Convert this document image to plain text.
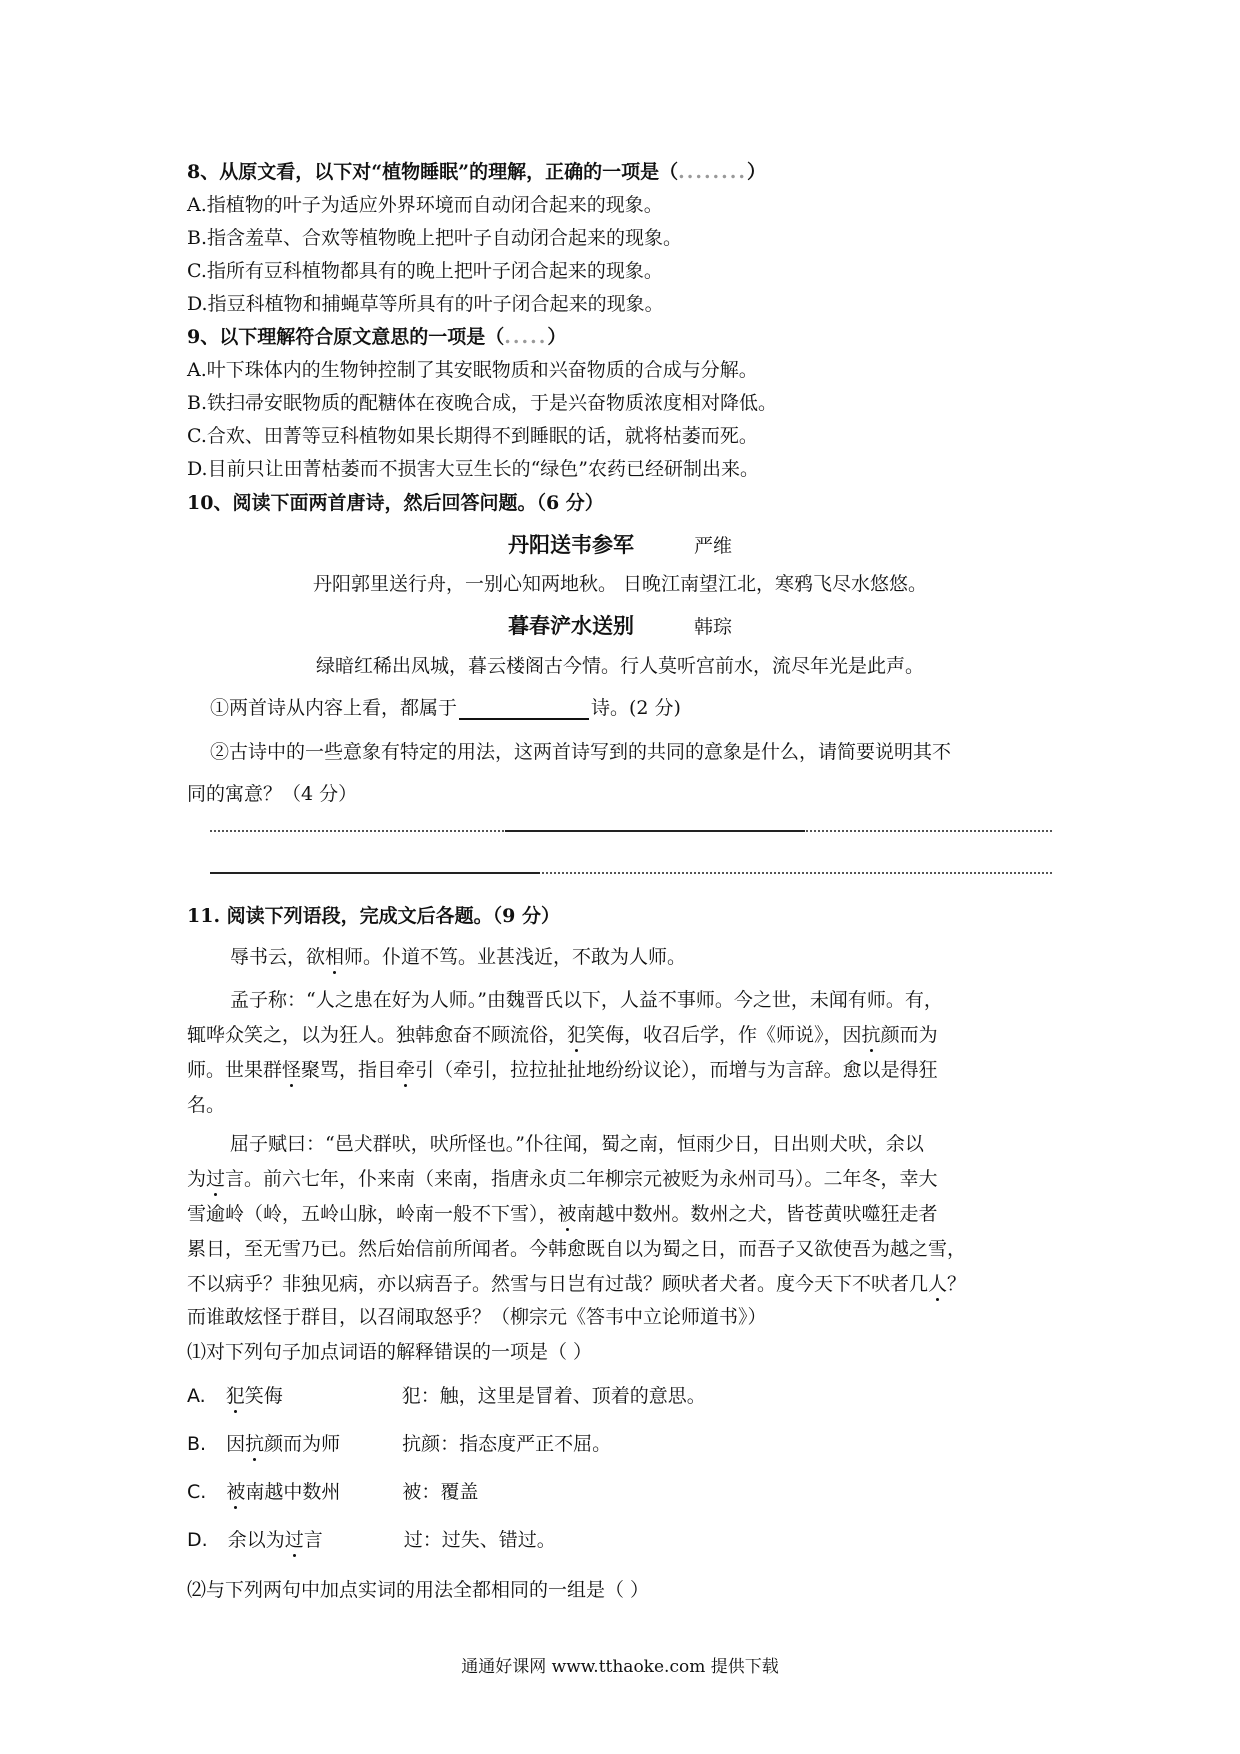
8、从原文看，以下对“植物睡眠”的理解，正确的一项是（........）
A.指植物的叶子为适应外界环境而自动闭合起来的现象。
B.指含羞草、合欢等植物晚上把叶子自动闭合起来的现象。
C.指所有豆科植物都具有的晚上把叶子闭合起来的现象。
D.指豆科植物和捕蝇草等所具有的叶子闭合起来的现象。
9、以下理解符合原文意思的一项是（.....）
A.叶下珠体内的生物钟控制了其安眠物质和兴奋物质的合成与分解。
B.铁扫帚安眠物质的配糖体在夜晚合成，于是兴奋物质浓度相对降低。
C.合欢、田菁等豆科植物如果长期得不到睡眠的话，就将枯萎而死。
D.目前只让田菁枯萎而不损害大豆生长的“绿色”农药已经研制出来。
10、阅读下面两首唐诗，然后回答问题。（6 分）
丹阳送韦参军	严维
丹阳郭里送行舟，一别心知两地秋。 日晚江南望江北，寒鸦飞尽水悠悠。
暮春浐水送别	韩琮
绿暗红稀出凤城，暮云楼阁古今情。行人莫听宫前水，流尽年光是此声。
①两首诗从内容上看，都属于	诗。(2 分)
②古诗中的一些意象有特定的用法，这两首诗写到的共同的意象是什么，请简要说明其不
同的寓意？（4 分）
11. 阅读下列语段，完成文后各题。（9 分）
辱书云，欲相师。仆道不笃。业甚浅近，不敢为人师。
孟子称：“人之患在好为人师。”由魏晋氏以下，人益不事师。今之世，未闻有师。有，
辄哗众笑之，以为狂人。独韩愈奋不顾流俗，犯笑侮，收召后学，作《师说》，因抗颜而为
师。世果群怪聚骂，指目牵引（牵引，拉拉扯扯地纷纷议论），而增与为言辞。愈以是得狂
名。
屈子赋曰：“邑犬群吠，吠所怪也。”仆往闻，蜀之南，恒雨少日，日出则犬吠，余以
为过言。前六七年，仆来南（来南，指唐永贞二年柳宗元被贬为永州司马）。二年冬，幸大
雪逾岭（岭，五岭山脉，岭南一般不下雪），被南越中数州。数州之犬，皆苍黄吠噬狂走者
累日，至无雪乃已。然后始信前所闻者。今韩愈既自以为蜀之日，而吾子又欲使吾为越之雪，
不以病乎？非独见病，亦以病吾子。然雪与日岂有过哉？顾吠者犬者。度今天下不吠者几人？
而谁敢炫怪于群目，以召闹取怒乎？（柳宗元《答韦中立论师道书》）
⑴对下列句子加点词语的解释错误的一项是（ ）
A. 犯笑侮	犯：触，这里是冒着、顶着的意思。
B. 因抗颜而为师	抗颜：指态度严正不屈。
C. 被南越中数州	被：覆盖
D. 余以为过言	过：过失、错过。
⑵与下列两句中加点实词的用法全都相同的一组是（ ）
通通好课网 www.tthaoke.com 提供下载
